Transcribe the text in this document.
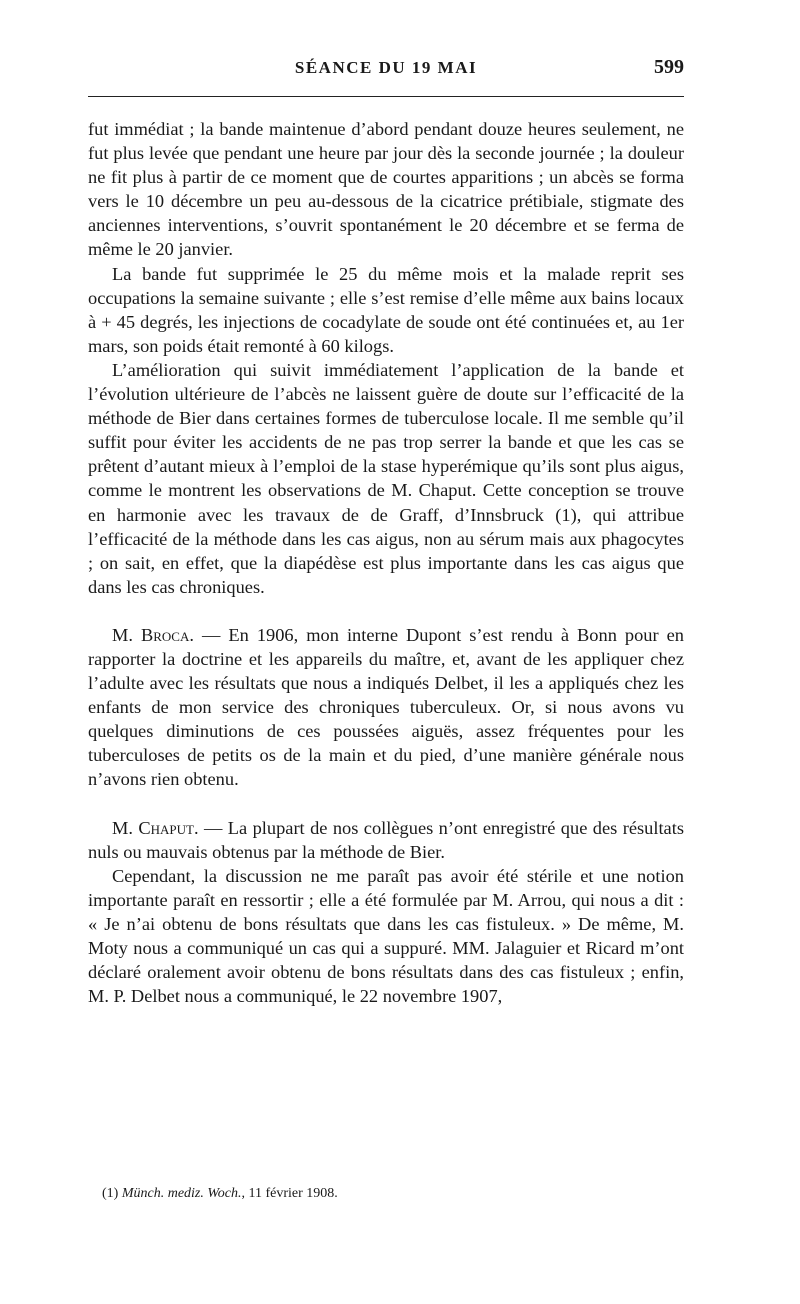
SÉANCE DU 19 MAI	599

fut immédiat ; la bande maintenue d’abord pendant douze heures seulement, ne fut plus levée que pendant une heure par jour dès la seconde journée ; la douleur ne fit plus à partir de ce moment que de courtes apparitions ; un abcès se forma vers le 10 décembre un peu au-dessous de la cicatrice prétibiale, stigmate des anciennes interventions, s’ouvrit spontanément le 20 décembre et se ferma de même le 20 janvier.

La bande fut supprimée le 25 du même mois et la malade reprit ses occupations la semaine suivante ; elle s’est remise d’elle même aux bains locaux à + 45 degrés, les injections de cocadylate de soude ont été continuées et, au 1er mars, son poids était remonté à 60 kilogs.

L’amélioration qui suivit immédiatement l’application de la bande et l’évolution ultérieure de l’abcès ne laissent guère de doute sur l’efficacité de la méthode de Bier dans certaines formes de tuberculose locale. Il me semble qu’il suffit pour éviter les accidents de ne pas trop serrer la bande et que les cas se prêtent d’autant mieux à l’emploi de la stase hyperémique qu’ils sont plus aigus, comme le montrent les observations de M. Chaput. Cette conception se trouve en harmonie avec les travaux de de Graff, d’Innsbruck (1), qui attribue l’efficacité de la méthode dans les cas aigus, non au sérum mais aux phagocytes ; on sait, en effet, que la diapédèse est plus importante dans les cas aigus que dans les cas chroniques.

M. Broca. — En 1906, mon interne Dupont s’est rendu à Bonn pour en rapporter la doctrine et les appareils du maître, et, avant de les appliquer chez l’adulte avec les résultats que nous a indiqués Delbet, il les a appliqués chez les enfants de mon service des chroniques tuberculeux. Or, si nous avons vu quelques diminutions de ces poussées aiguës, assez fréquentes pour les tuberculoses de petits os de la main et du pied, d’une manière générale nous n’avons rien obtenu.

M. Chaput. — La plupart de nos collègues n’ont enregistré que des résultats nuls ou mauvais obtenus par la méthode de Bier.

Cependant, la discussion ne me paraît pas avoir été stérile et une notion importante paraît en ressortir ; elle a été formulée par M. Arrou, qui nous a dit : « Je n’ai obtenu de bons résultats que dans les cas fistuleux. » De même, M. Moty nous a communiqué un cas qui a suppuré. MM. Jalaguier et Ricard m’ont déclaré oralement avoir obtenu de bons résultats dans des cas fistuleux ; enfin, M. P. Delbet nous a communiqué, le 22 novembre 1907,

(1) Münch. mediz. Woch., 11 février 1908.
